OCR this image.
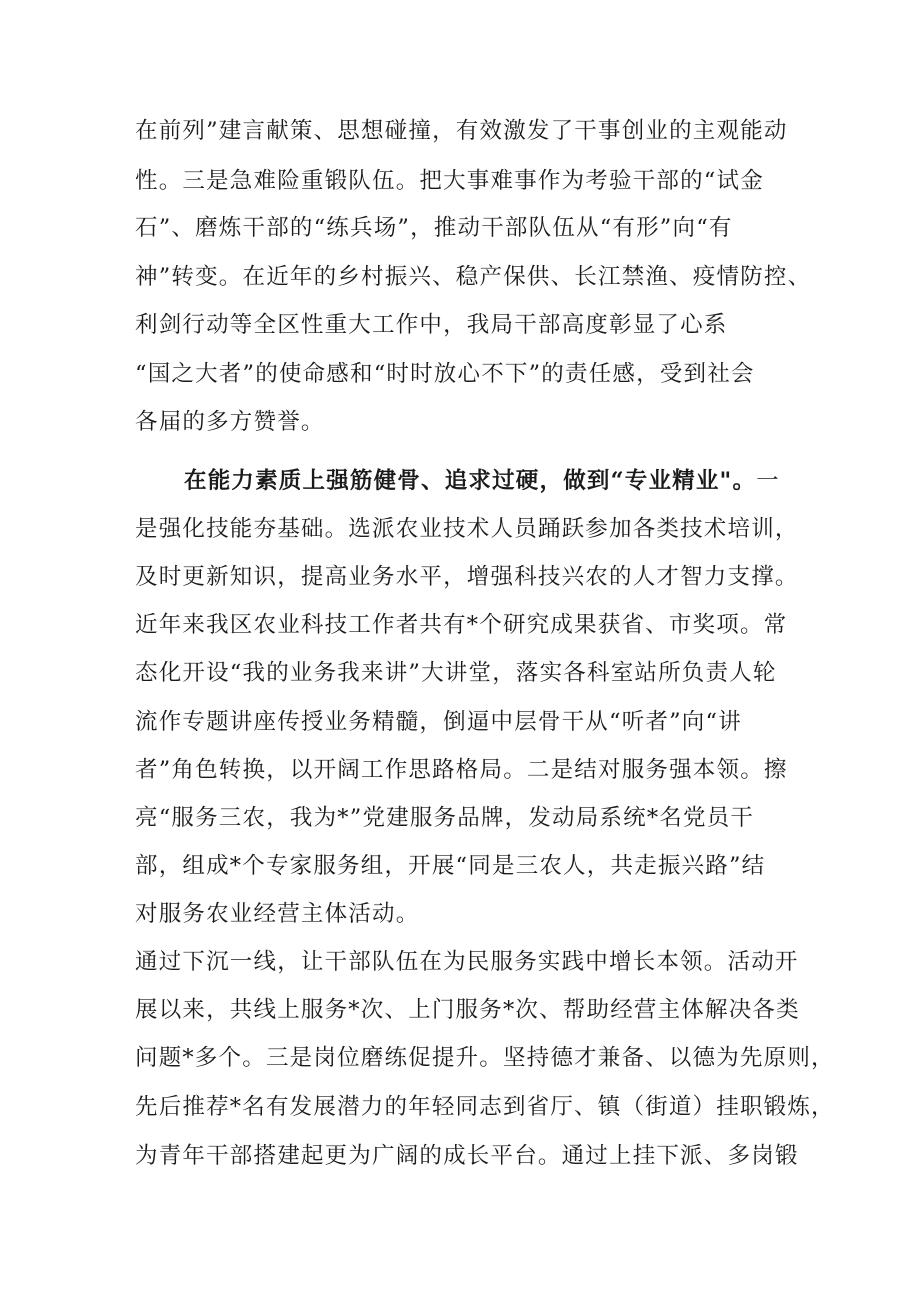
在前列”建言献策、思想碰撞，有效激发了干事创业的主观能动
性。三是急难险重锻队伍。把大事难事作为考验干部的“试金
石”、磨炼干部的“练兵场”，推动干部队伍从“有形”向“有
神”转变。在近年的乡村振兴、稳产保供、长江禁渔、疫情防控、
利剑行动等全区性重大工作中，我局干部高度彰显了心系
“国之大者”的使命感和“时时放心不下”的责任感，受到社会
各届的多方赞誉。
在能力素质上强筋健骨、追求过硬，做到“专业精业"。一
是强化技能夯基础。选派农业技术人员踊跃参加各类技术培训，
及时更新知识，提高业务水平，增强科技兴农的人才智力支撑。
近年来我区农业科技工作者共有*个研究成果获省、市奖项。常
态化开设“我的业务我来讲”大讲堂，落实各科室站所负责人轮
流作专题讲座传授业务精髓，倒逼中层骨干从“听者”向“讲
者”角色转换，以开阔工作思路格局。二是结对服务强本领。擦
亮“服务三农，我为*”党建服务品牌，发动局系统*名党员干
部，组成*个专家服务组，开展“同是三农人，共走振兴路”结
对服务农业经营主体活动。
通过下沉一线，让干部队伍在为民服务实践中增长本领。活动开
展以来，共线上服务*次、上门服务*次、帮助经营主体解决各类
问题*多个。三是岗位磨练促提升。坚持德才兼备、以德为先原则，
先后推荐*名有发展潜力的年轻同志到省厅、镇（街道）挂职锻炼，
为青年干部搭建起更为广阔的成长平台。通过上挂下派、多岗锻
